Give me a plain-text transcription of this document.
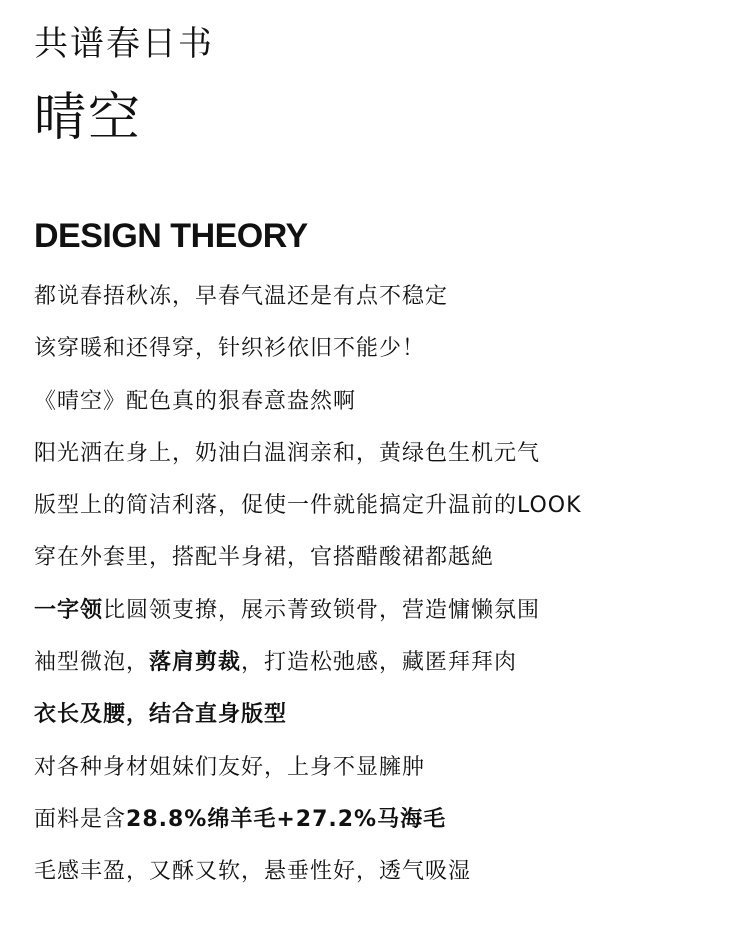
共谱春日书
晴空
DESIGN THEORY
都说春捂秋冻，早春气温还是有点不稳定
该穿暖和还得穿，针织衫依旧不能少！
《晴空》配色真的狠春意盎然啊
阳光洒在身上，奶油白温润亲和，黄绿色生机元气
版型上的简洁利落，促使一件就能搞定升温前的LOOK
穿在外套里，搭配半身裙，官搭醋酸裙都赿絶
一字领比圆领叓撩，展示菁致锁骨，营造慵懒氛围
袖型微泡，落肩剪裁，打造松弛感，藏匿拜拜肉
衣长及腰，结合直身版型
对各种身材姐妹们友好，上身不显臃肿
面料是含28.8%绵羊毛+27.2%马海毛
毛感丰盈，又酥又软，悬垂性好，透气吸湿
